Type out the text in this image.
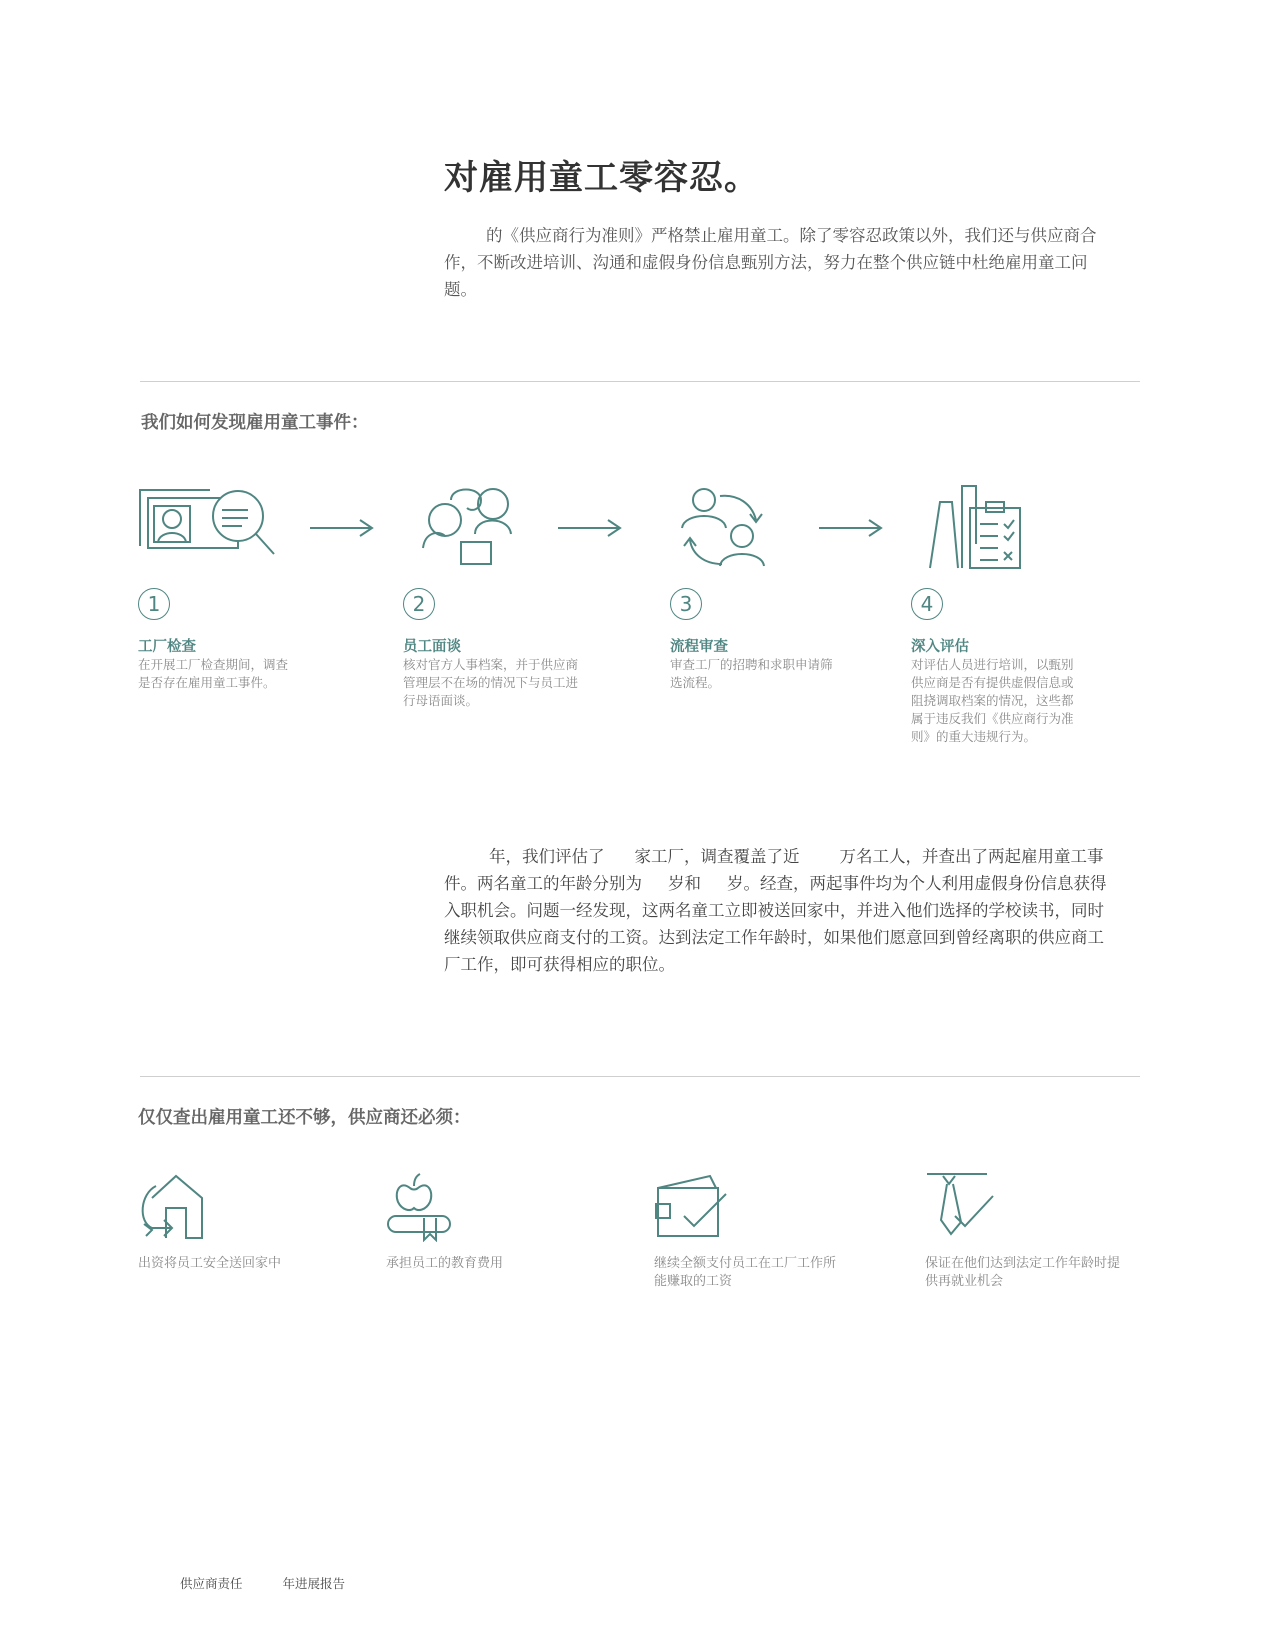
对雇用童工零容忍。
的《供应商行为准则》严格禁止雇用童工。除了零容忍政策以外，我们还与供应商合作，不断改进培训、沟通和虚假身份信息甄别方法，努力在整个供应链中杜绝雇用童工问题。
我们如何发现雇用童工事件：
1	2	3	4
工厂检查	员工面谈	流程审查	深入评估
在开展工厂检查期间，调查是否存在雇用童工事件。
核对官方人事档案，并于供应商管理层不在场的情况下与员工进行母语面谈。
审查工厂的招聘和求职申请筛选流程。
对评估人员进行培训，以甄别供应商是否有提供虚假信息或阻挠调取档案的情况，这些都属于违反我们《供应商行为准则》的重大违规行为。
年，我们评估了 家工厂，调查覆盖了近 万名工人，并查出了两起雇用童工事件。两名童工的年龄分别为 岁和 岁。经查，两起事件均为个人利用虚假身份信息获得入职机会。问题一经发现，这两名童工立即被送回家中，并进入他们选择的学校读书，同时继续领取供应商支付的工资。达到法定工作年龄时，如果他们愿意回到曾经离职的供应商工厂工作，即可获得相应的职位。
仅仅查出雇用童工还不够，供应商还必须：
出资将员工安全送回家中	承担员工的教育费用	继续全额支付员工在工厂工作所能赚取的工资
保证在他们达到法定工作年龄时提供再就业机会
供应商责任	年进展报告
